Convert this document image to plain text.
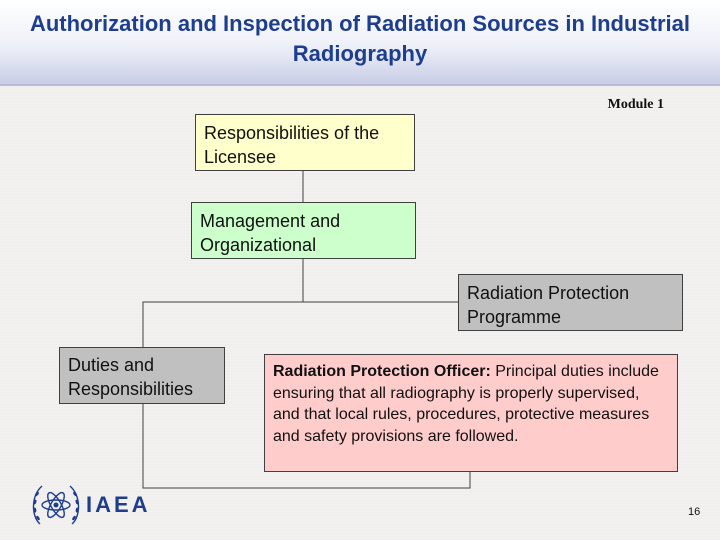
Authorization and Inspection of Radiation Sources in Industrial Radiography
Module 1
Responsibilities of the Licensee
Management and Organizational
Radiation Protection Programme
Duties and Responsibilities
Radiation Protection Officer: Principal duties include ensuring that all radiography is properly supervised, and that local rules, procedures, protective measures and safety provisions are followed.
IAEA	16
